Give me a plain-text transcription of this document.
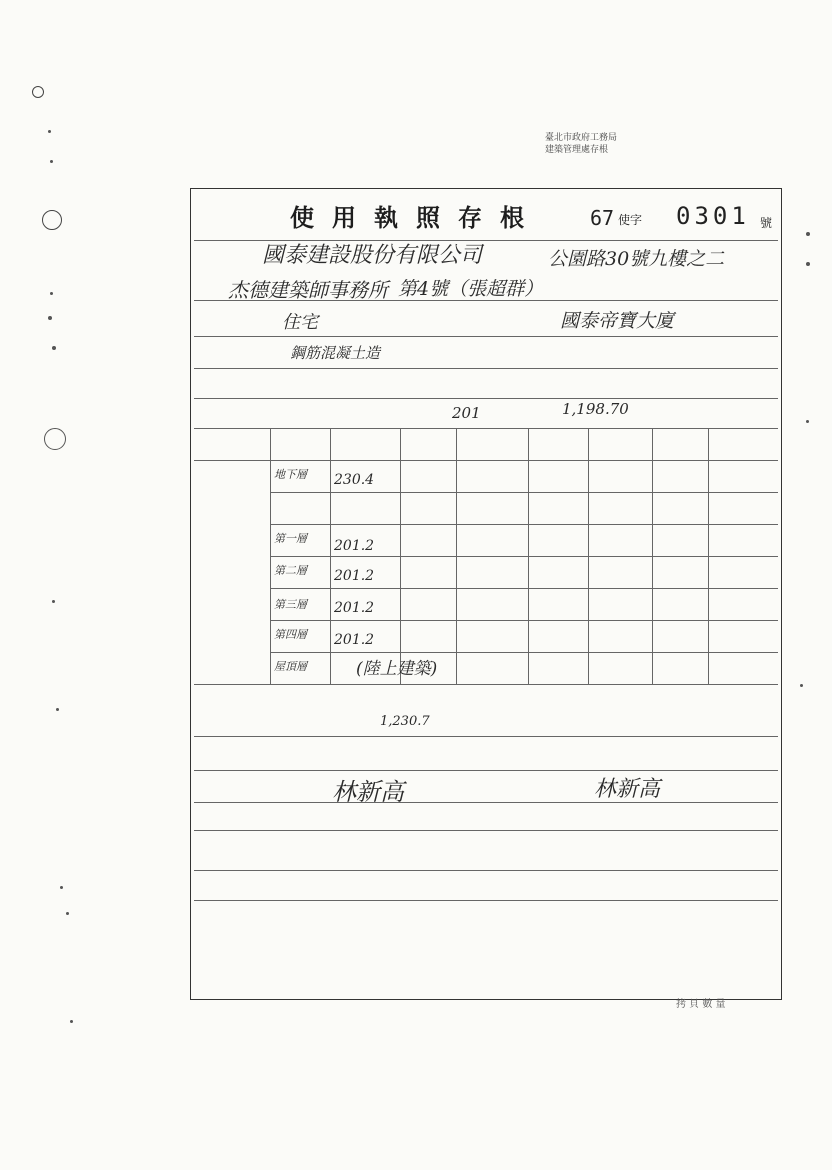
臺北市政府工務局
建築管理處存根
使用執照存根 67 使字 0301 號
國泰建設股份有限公司	公園路30號九樓之二
杰德建築師事務所 第4號（張超群）
住宅	國泰帝寶大廈
鋼筋混凝土造
201	1,198.70
地下層 230.4
第一層 201.2
第二層 201.2
第三層 201.2
第四層 201.2
屋頂層	(陸上建築)
1,230.7
林新高	林新高
拷 貝 數 量
